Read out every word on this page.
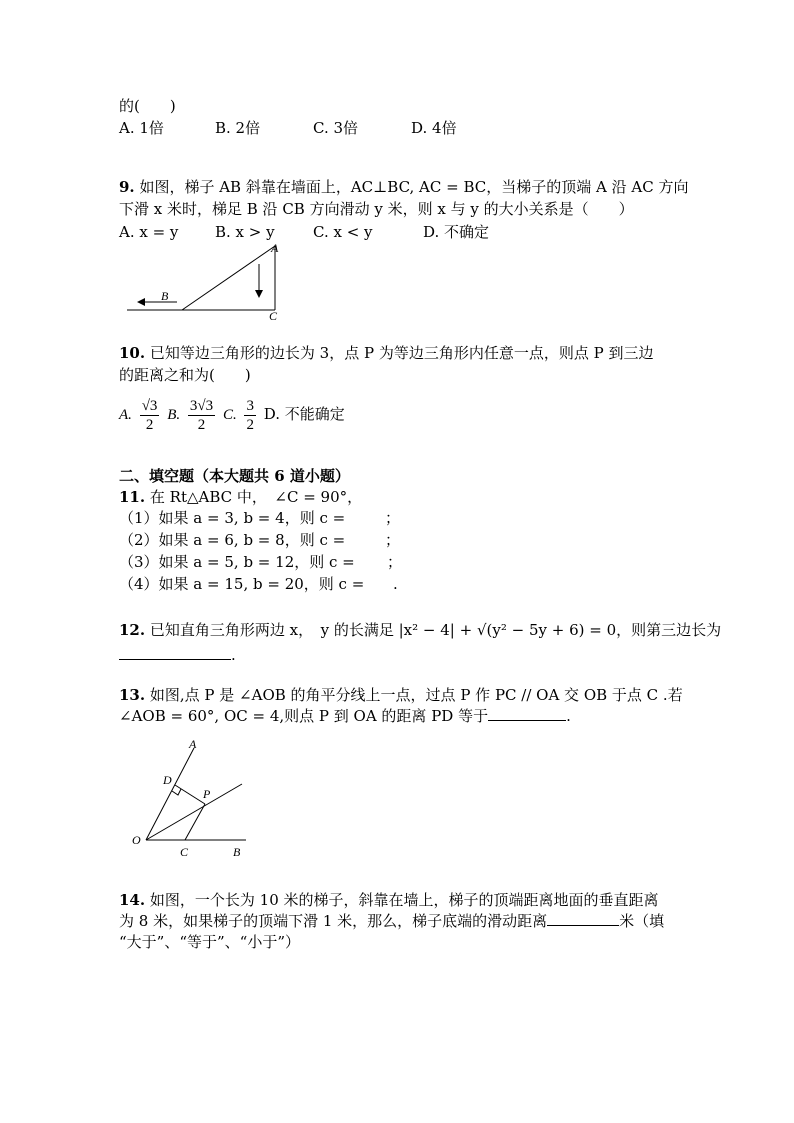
的(　　)
A. 1倍	B. 2倍	C. 3倍	D. 4倍
9. 如图，梯子 AB 斜靠在墙面上，AC⊥BC, AC = BC，当梯子的顶端 A 沿 AC 方向
下滑 x 米时，梯足 B 沿 CB 方向滑动 y 米，则 x 与 y 的大小关系是（　　）
A. x = y B. x > y	C. x < y	D. 不确定
A
B
C
10. 已知等边三角形的边长为 3，点 P 为等边三角形内任意一点，则点 P 到三边
的距离之和为(　　)
A. $\frac{√3}{2} B$. $\frac{3√3}{2} C$. $\frac{3}{2} D$. 不能确定
二、填空题（本大题共 6 道小题）
11. 在 Rt△ABC 中，　∠C = 90°，
（1）如果 a = 3, b = 4，则 c =	；
（2）如果 a = 6, b = 8，则 c =	；
（3）如果 a = 5, b = 12，则 c = ；
（4）如果 a = 15, b = 20，则 c = .
12. 已知直角三角形两边 x，　y 的长满足 |x² − 4| + √(y² − 5y + 6) = 0，则第三边长为
.
13. 如图,点 P 是 ∠AOB 的角平分线上一点，过点 P 作 PC // OA 交 OB 于点 C .若
∠AOB = 60°, OC = 4,则点 P 到 OA 的距离 PD 等于	.
A
D
P
O
C	B
14. 如图，一个长为 10 米的梯子，斜靠在墙上，梯子的顶端距离地面的垂直距离
为 8 米，如果梯子的顶端下滑 1 米，那么，梯子底端的滑动距离	米（填
“大于”、“等于”、“小于”）
